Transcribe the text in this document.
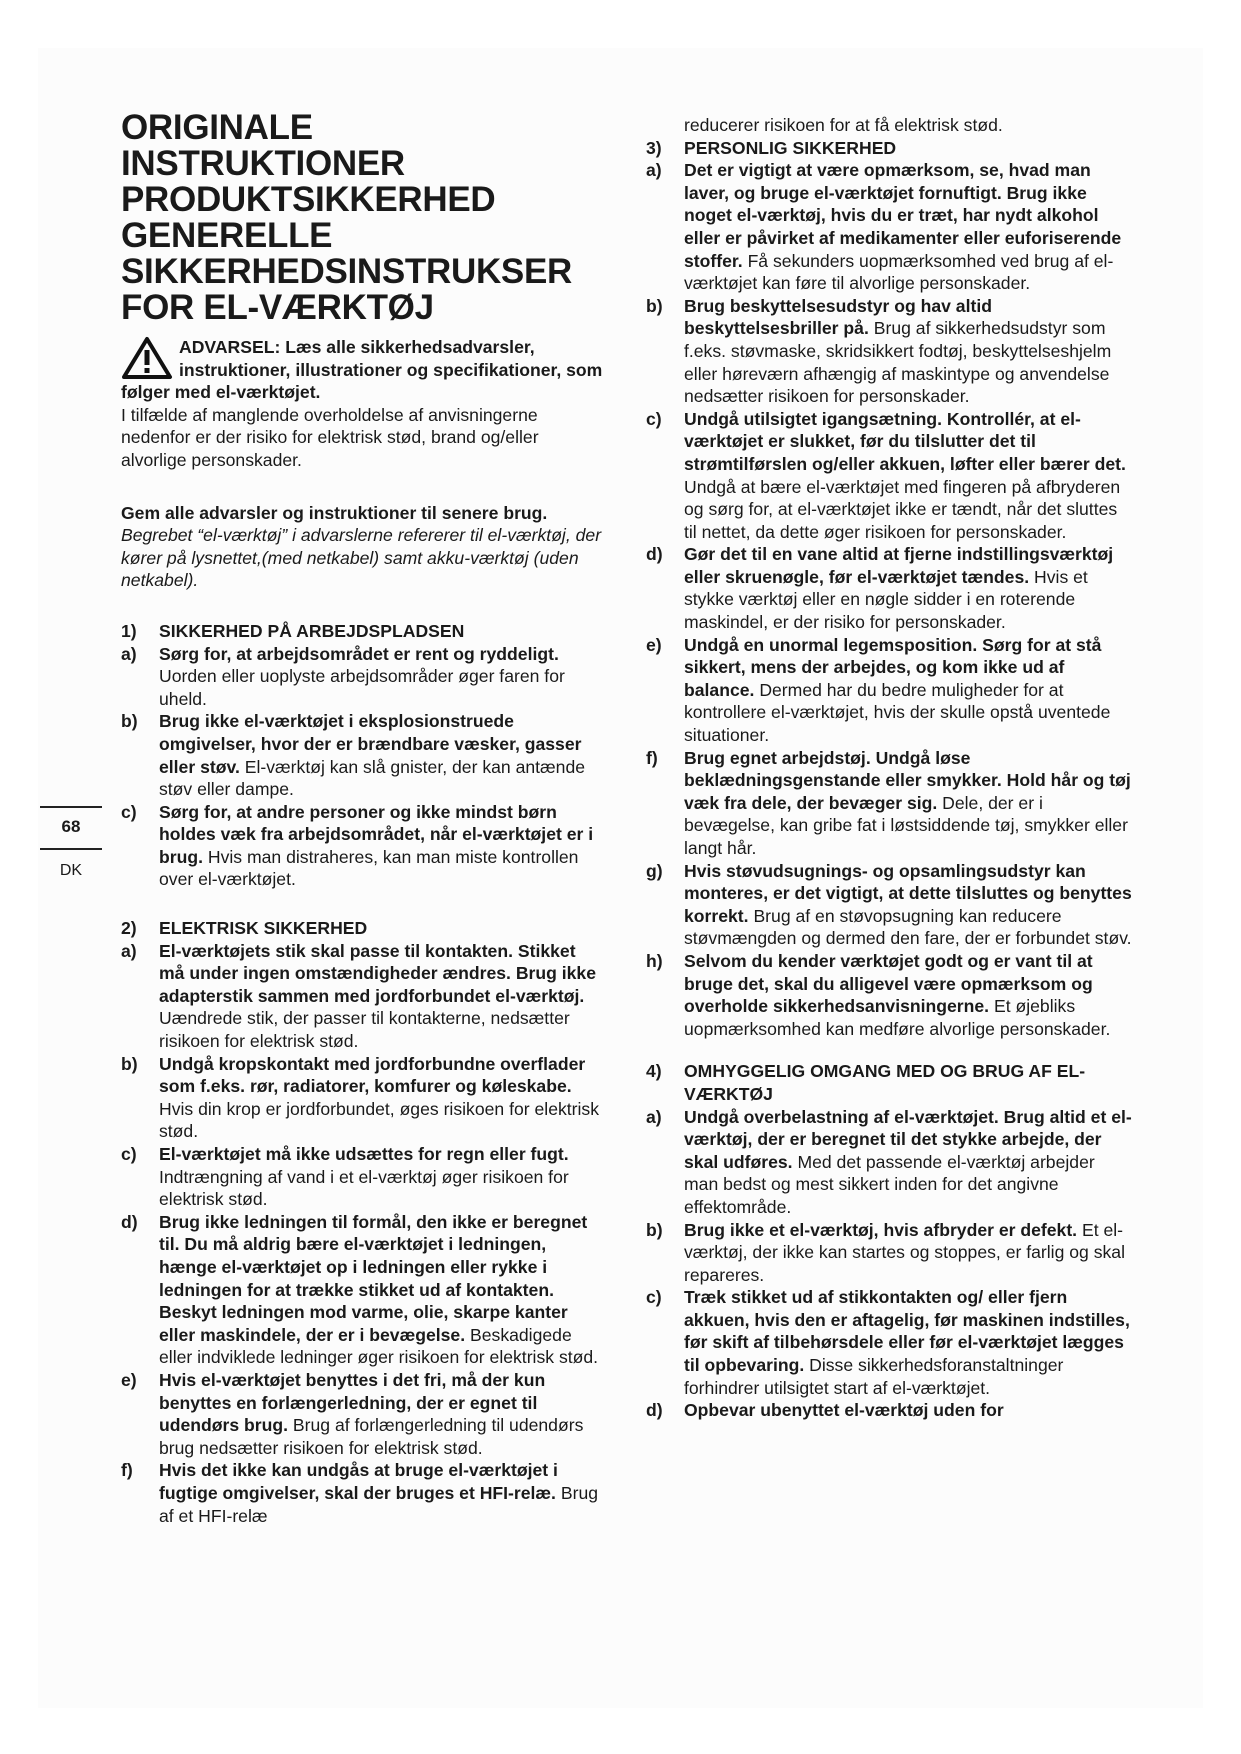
68
DK
ORIGINALE
INSTRUKTIONER
PRODUKTSIKKERHED
GENERELLE
SIKKERHEDSINSTRUKSER
FOR EL-VÆRKTØJ

ADVARSEL: Læs alle sikkerhedsadvarsler, instruktioner, illustrationer og specifikationer, som følger med el-værktøjet.
I tilfælde af manglende overholdelse af anvisningerne nedenfor er der risiko for elektrisk stød, brand og/eller alvorlige personskader.

Gem alle advarsler og instruktioner til senere brug.

Begrebet “el-værktøj” i advarslerne refererer til el-værktøj, der kører på lysnettet,(med netkabel) samt akku-værktøj (uden netkabel).

1)	SIKKERHED PÅ ARBEJDSPLADSEN
a)	Sørg for, at arbejdsområdet er rent og ryddeligt. Uorden eller uoplyste arbejdsområder øger faren for uheld.
b)	Brug ikke el-værktøjet i eksplosionstruede omgivelser, hvor der er brændbare væsker, gasser eller støv. El-værktøj kan slå gnister, der kan antænde støv eller dampe.
c)	Sørg for, at andre personer og ikke mindst børn holdes væk fra arbejdsområdet, når el-værktøjet er i brug. Hvis man distraheres, kan man miste kontrollen over el-værktøjet.
2)	ELEKTRISK SIKKERHED
a)	El-værktøjets stik skal passe til kontakten. Stikket må under ingen omstændigheder ændres. Brug ikke adapterstik sammen med jordforbundet el-værktøj. Uændrede stik, der passer til kontakterne, nedsætter risikoen for elektrisk stød.
b)	Undgå kropskontakt med jordforbundne overflader som f.eks. rør, radiatorer, komfurer og køleskabe. Hvis din krop er jordforbundet, øges risikoen for elektrisk stød.
c)	El-værktøjet må ikke udsættes for regn eller fugt. Indtrængning af vand i et el-værktøj øger risikoen for elektrisk stød.
d)	Brug ikke ledningen til formål, den ikke er beregnet til. Du må aldrig bære el-værktøjet i ledningen, hænge el-værktøjet op i ledningen eller rykke i ledningen for at trække stikket ud af kontakten. Beskyt ledningen mod varme, olie, skarpe kanter eller maskindele, der er i bevægelse. Beskadigede eller indviklede ledninger øger risikoen for elektrisk stød.
e)	Hvis el-værktøjet benyttes i det fri, må der kun benyttes en forlængerledning, der er egnet til udendørs brug. Brug af forlængerledning til udendørs brug nedsætter risikoen for elektrisk stød.
f)	Hvis det ikke kan undgås at bruge el-værktøjet i fugtige omgivelser, skal der bruges et HFI-relæ. Brug af et HFI-relæ
reducerer risikoen for at få elektrisk stød.
3)	PERSONLIG SIKKERHED
a)	Det er vigtigt at være opmærksom, se, hvad man laver, og bruge el-værktøjet fornuftigt. Brug ikke noget el-værktøj, hvis du er træt, har nydt alkohol eller er påvirket af medikamenter eller euforiserende stoffer. Få sekunders uopmærksomhed ved brug af el-værktøjet kan føre til alvorlige personskader.
b)	Brug beskyttelsesudstyr og hav altid beskyttelsesbriller på. Brug af sikkerhedsudstyr som f.eks. støvmaske, skridsikkert fodtøj, beskyttelseshjelm eller høreværn afhængig af maskintype og anvendelse nedsætter risikoen for personskader.
c)	Undgå utilsigtet igangsætning. Kontrollér, at el-værktøjet er slukket, før du tilslutter det til strømtilførslen og/eller akkuen, løfter eller bærer det. Undgå at bære el-værktøjet med fingeren på afbryderen og sørg for, at el-værktøjet ikke er tændt, når det sluttes til nettet, da dette øger risikoen for personskader.
d)	Gør det til en vane altid at fjerne indstillingsværktøj eller skruenøgle, før el-værktøjet tændes. Hvis et stykke værktøj eller en nøgle sidder i en roterende maskindel, er der risiko for personskader.
e)	Undgå en unormal legemsposition. Sørg for at stå sikkert, mens der arbejdes, og kom ikke ud af balance. Dermed har du bedre muligheder for at kontrollere el-værktøjet, hvis der skulle opstå uventede situationer.
f)	Brug egnet arbejdstøj. Undgå løse beklædningsgenstande eller smykker. Hold hår og tøj væk fra dele, der bevæger sig. Dele, der er i bevægelse, kan gribe fat i løstsiddende tøj, smykker eller langt hår.
g)	Hvis støvudsugnings- og opsamlingsudstyr kan monteres, er det vigtigt, at dette tilsluttes og benyttes korrekt. Brug af en støvopsugning kan reducere støvmængden og dermed den fare, der er forbundet støv.
h)	Selvom du kender værktøjet godt og er vant til at bruge det, skal du alligevel være opmærksom og overholde sikkerhedsanvisningerne. Et øjebliks uopmærksomhed kan medføre alvorlige personskader.
4)	OMHYGGELIG OMGANG MED OG BRUG AF EL-VÆRKTØJ
a)	Undgå overbelastning af el-værktøjet. Brug altid et el-værktøj, der er beregnet til det stykke arbejde, der skal udføres. Med det passende el-værktøj arbejder man bedst og mest sikkert inden for det angivne effektområde.
b)	Brug ikke et el-værktøj, hvis afbryder er defekt. Et el-værktøj, der ikke kan startes og stoppes, er farlig og skal repareres.
c)	Træk stikket ud af stikkontakten og/ eller fjern akkuen, hvis den er aftagelig, før maskinen indstilles, før skift af tilbehørsdele eller før el-værktøjet lægges til opbevaring. Disse sikkerhedsforanstaltninger forhindrer utilsigtet start af el-værktøjet.
d)	Opbevar ubenyttet el-værktøj uden for
